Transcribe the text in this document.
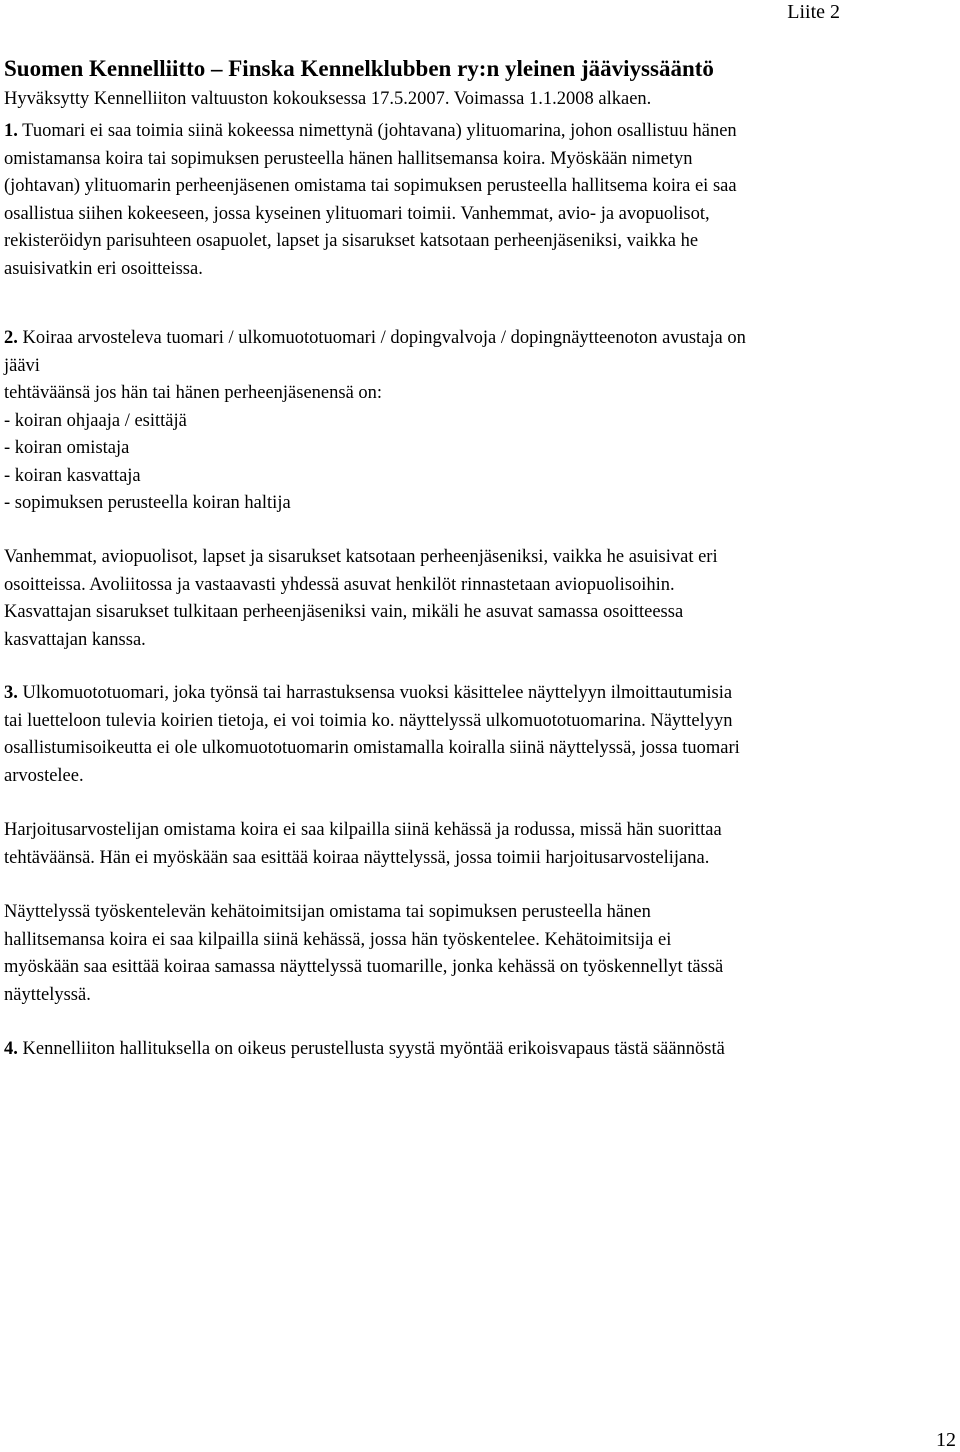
Liite 2
Suomen Kennelliitto – Finska Kennelklubben ry:n yleinen jääviyssääntö
Hyväksytty Kennelliiton valtuuston kokouksessa 17.5.2007. Voimassa 1.1.2008 alkaen.
1. Tuomari ei saa toimia siinä kokeessa nimettynä (johtavana) ylituomarina, johon osallistuu hänen
omistamansa koira tai sopimuksen perusteella hänen hallitsemansa koira. Myöskään nimetyn
(johtavan) ylituomarin perheenjäsenen omistama tai sopimuksen perusteella hallitsema koira ei saa
osallistua siihen kokeeseen, jossa kyseinen ylituomari toimii. Vanhemmat, avio- ja avopuolisot,
rekisteröidyn parisuhteen osapuolet, lapset ja sisarukset katsotaan perheenjäseniksi, vaikka he
asuisivatkin eri osoitteissa.
2. Koiraa arvosteleva tuomari / ulkomuototuomari / dopingvalvoja / dopingnäytteenoton avustaja on
jäävi
tehtäväänsä jos hän tai hänen perheenjäsenensä on:
- koiran ohjaaja / esittäjä
- koiran omistaja
- koiran kasvattaja
- sopimuksen perusteella koiran haltija
Vanhemmat, aviopuolisot, lapset ja sisarukset katsotaan perheenjäseniksi, vaikka he asuisivat eri
osoitteissa. Avoliitossa ja vastaavasti yhdessä asuvat henkilöt rinnastetaan aviopuolisoihin.
Kasvattajan sisarukset tulkitaan perheenjäseniksi vain, mikäli he asuvat samassa osoitteessa
kasvattajan kanssa.
3. Ulkomuototuomari, joka työnsä tai harrastuksensa vuoksi käsittelee näyttelyyn ilmoittautumisia
tai luetteloon tulevia koirien tietoja, ei voi toimia ko. näyttelyssä ulkomuototuomarina. Näyttelyyn
osallistumisoikeutta ei ole ulkomuototuomarin omistamalla koiralla siinä näyttelyssä, jossa tuomari
arvostelee.
Harjoitusarvostelijan omistama koira ei saa kilpailla siinä kehässä ja rodussa, missä hän suorittaa
tehtäväänsä. Hän ei myöskään saa esittää koiraa näyttelyssä, jossa toimii harjoitusarvostelijana.
Näyttelyssä työskentelevän kehätoimitsijan omistama tai sopimuksen perusteella hänen
hallitsemansa koira ei saa kilpailla siinä kehässä, jossa hän työskentelee. Kehätoimitsija ei
myöskään saa esittää koiraa samassa näyttelyssä tuomarille, jonka kehässä on työskennellyt tässä
näyttelyssä.
4. Kennelliiton hallituksella on oikeus perustellusta syystä myöntää erikoisvapaus tästä säännöstä
12
